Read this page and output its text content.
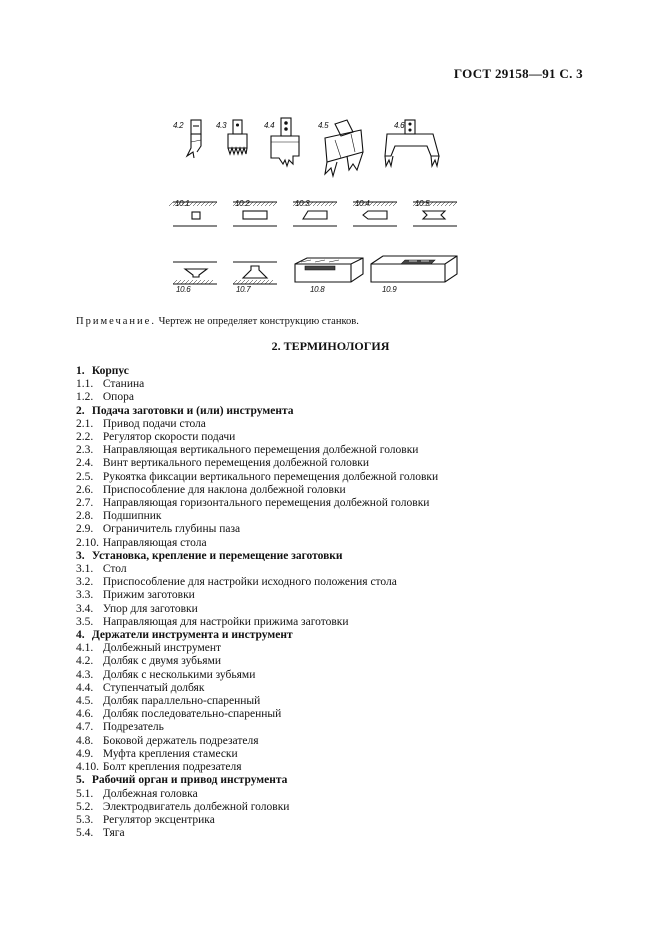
ГОСТ 29158—91 С. 3
4.2	4.3	4.4	4.5	4.6
10.1	10.2	10.3	10.4	10.5
10.6	10.7	10.8	10.9
Примечание. Чертеж не определяет конструкцию станков.
2. ТЕРМИНОЛОГИЯ
1. Корпус
1.1. Станина
1.2. Опора
2. Подача заготовки и (или) инструмента
2.1. Привод подачи стола
2.2. Регулятор скорости подачи
2.3. Направляющая вертикального перемещения долбежной головки
2.4. Винт вертикального перемещения долбежной головки
2.5. Рукоятка фиксации вертикального перемещения долбежной головки
2.6. Приспособление для наклона долбежной головки
2.7. Направляющая горизонтального перемещения долбежной головки
2.8. Подшипник
2.9. Ограничитель глубины паза
2.10. Направляющая стола
3. Установка, крепление и перемещение заготовки
3.1. Стол
3.2. Приспособление для настройки исходного положения стола
3.3. Прижим заготовки
3.4. Упор для заготовки
3.5. Направляющая для настройки прижима заготовки
4. Держатели инструмента и инструмент
4.1. Долбежный инструмент
4.2. Долбяк с двумя зубьями
4.3. Долбяк с несколькими зубьями
4.4. Ступенчатый долбяк
4.5. Долбяк параллельно-спаренный
4.6. Долбяк последовательно-спаренный
4.7. Подрезатель
4.8. Боковой держатель подрезателя
4.9. Муфта крепления стамески
4.10. Болт крепления подрезателя
5. Рабочий орган и привод инструмента
5.1. Долбежная головка
5.2. Электродвигатель долбежной головки
5.3. Регулятор эксцентрика
5.4. Тяга
